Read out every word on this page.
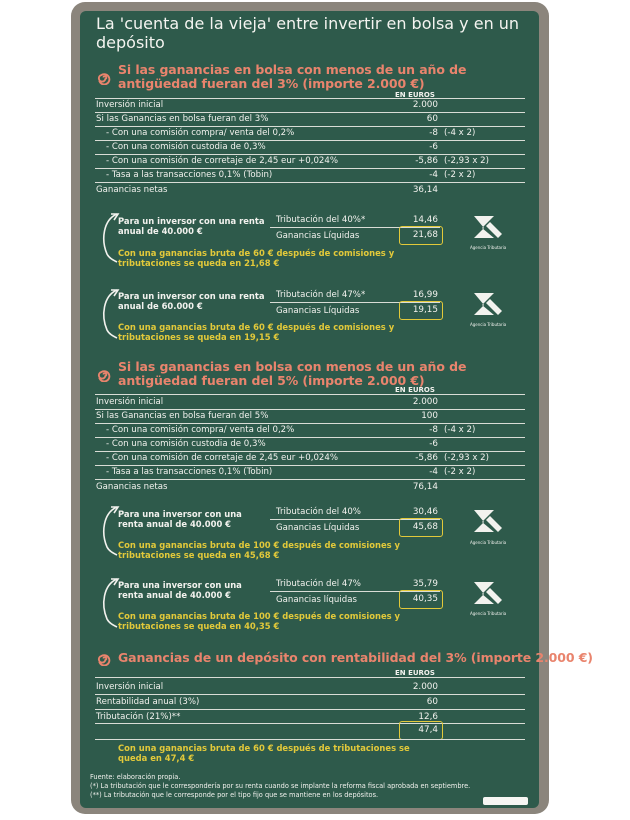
La 'cuenta de la vieja' entre invertir en bolsa y en un depósito
Si las ganancias en bolsa con menos de un año de antigüedad fueran del 3% (importe 2.000 €)
EN EUROS
Inversión inicial	2.000
Si las Ganancias en bolsa fueran del 3%	60
- Con una comisión compra/ venta del 0,2%	-8 (-4 x 2)
- Con una comisión custodia de 0,3%	-6
- Con una comisión de corretaje de 2,45 eur +0,024%	-5,86 (-2,93 x 2)
- Tasa a las transacciones 0,1% (Tobin)	-4 (-2 x 2)
Ganancias netas	36,14
Para un inversor con una renta anual de 40.000 €
Tributación del 40%*	14,46
Ganancias Líquidas	21,68
Con una ganancias bruta de 60 € después de comisiones y tributaciones se queda en 21,68 €
Agencia Tributaria
Para un inversor con una renta anual de 60.000 €
Tributación del 47%*	16,99
Ganancias Líquidas	19,15
Con una ganancias bruta de 60 € después de comisiones y tributaciones se queda en 19,15 €
Agencia Tributaria
Si las ganancias en bolsa con menos de un año de antigüedad fueran del 5% (importe 2.000 €)
EN EUROS
Inversión inicial	2.000
Si las Ganancias en bolsa fueran del 5%	100
- Con una comisión compra/ venta del 0,2%	-8 (-4 x 2)
- Con una comisión custodia de 0,3%	-6
- Con una comisión de corretaje de 2,45 eur +0,024%	-5,86 (-2,93 x 2)
- Tasa a las transacciones 0,1% (Tobin)	-4 (-2 x 2)
Ganancias netas	76,14
Para una inversor con una renta anual de 40.000 €
Tributación del 40%	30,46
Ganancias Líquidas	45,68
Con una ganancias bruta de 100 € después de comisiones y tributaciones se queda en 45,68 €
Agencia Tributaria
Para una inversor con una renta anual de 40.000 €
Tributación del 47%	35,79
Ganancias líquidas	40,35
Con una ganancias bruta de 100 € después de comisiones y tributaciones se queda en 40,35 €
Agencia Tributaria
Ganancias de un depósito con rentabilidad del 3% (importe 2.000 €)
EN EUROS
Inversión inicial	2.000
Rentabilidad anual (3%)	60
Tributación (21%)**	12,6
47,4
Con una ganancias bruta de 60 € después de tributaciones se queda en 47,4 €
Fuente: elaboración propia.
(*) La tributación que le correspondería por su renta cuando se implante la reforma fiscal aprobada en septiembre.
(**) La tributación que le corresponde por el tipo fijo que se mantiene en los depósitos.
